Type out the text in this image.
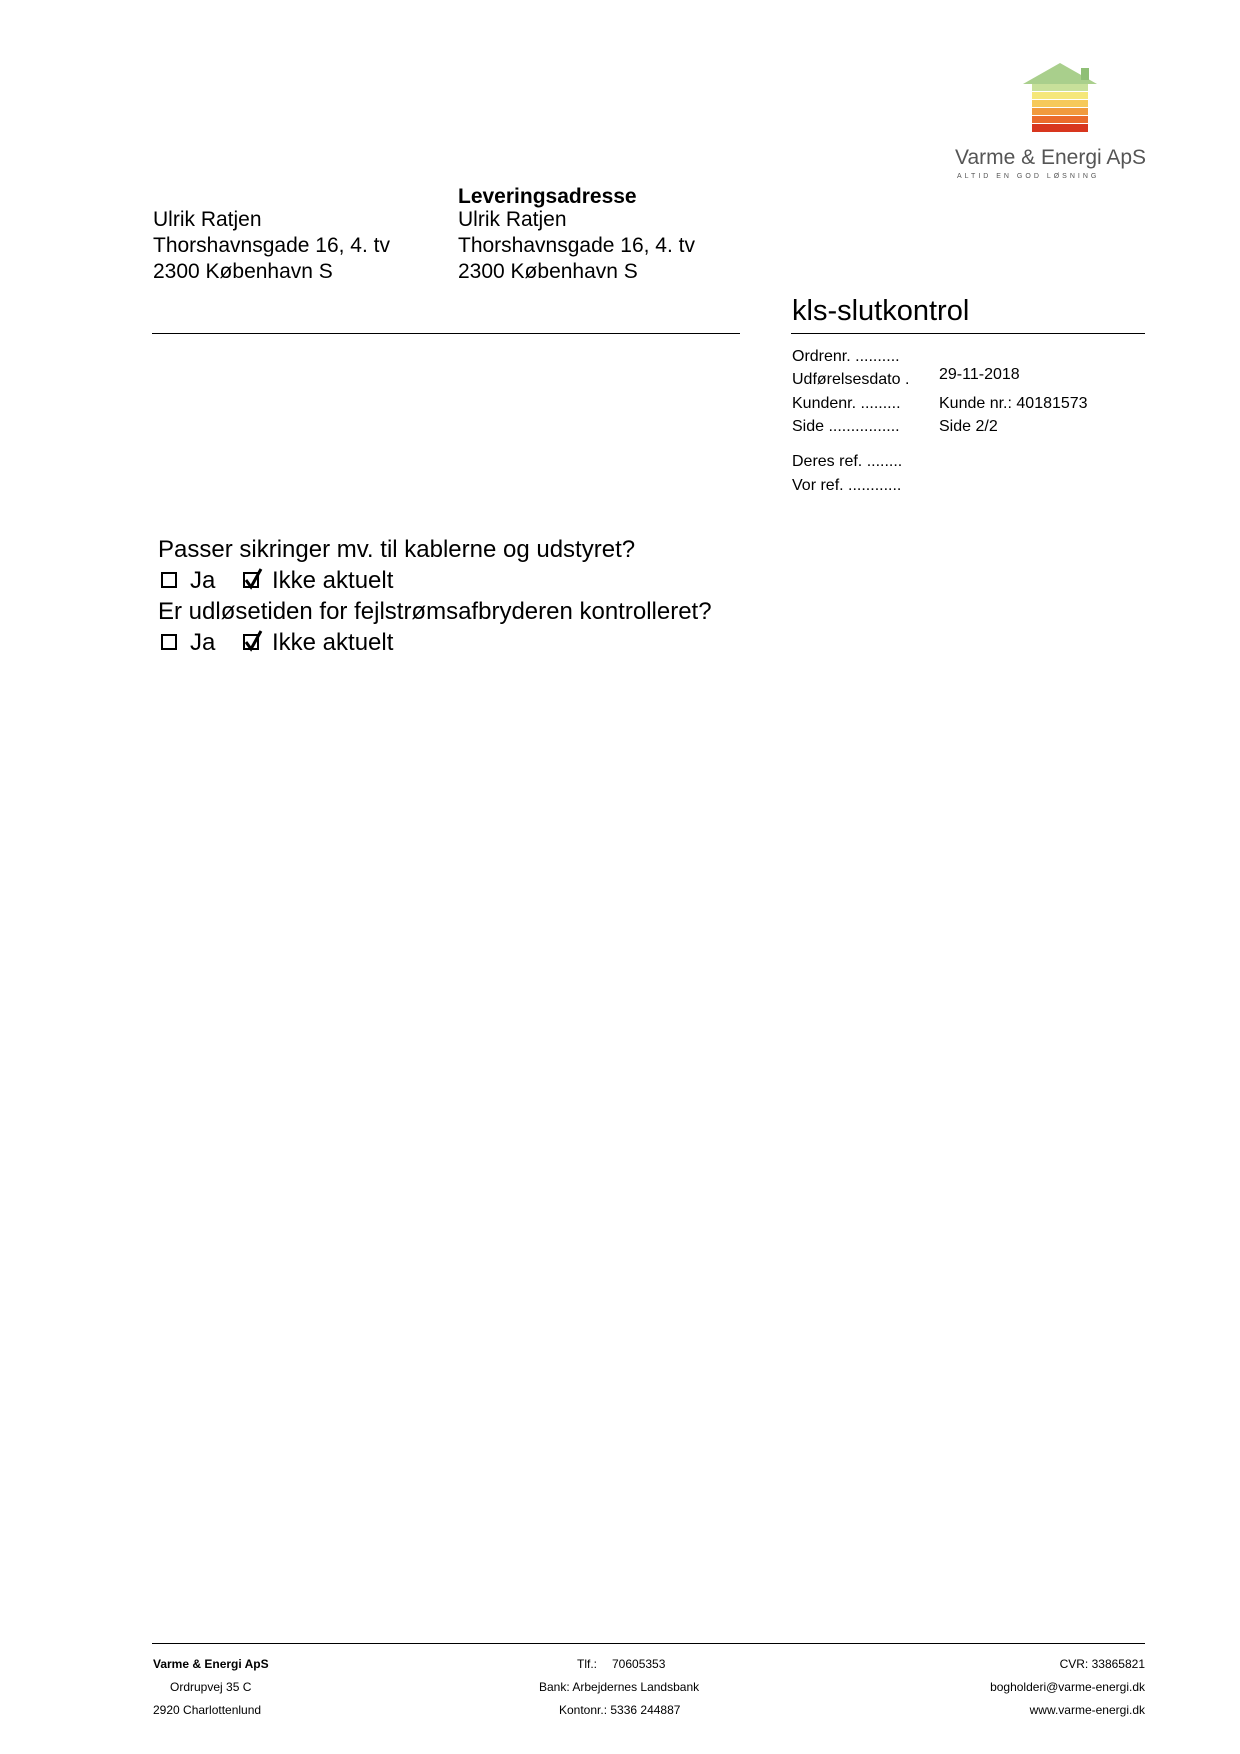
Varme & Energi ApS
ALTID EN GOD LØSNING
Ulrik Ratjen
Thorshavnsgade 16, 4. tv
2300 København S
Leveringsadresse
Ulrik Ratjen
Thorshavnsgade 16, 4. tv
2300 København S
kls-slutkontrol
Ordrenr. ..........
Udførelsesdato . 29-11-2018
Kundenr. ......... Kunde nr.: 40181573
Side ................ Side 2/2
Deres ref. ........
Vor ref. ............
Passer sikringer mv. til kablerne og udstyret?
Ja Ikke aktuelt
Er udløsetiden for fejlstrømsafbryderen kontrolleret?
Ja Ikke aktuelt
Varme & Energi ApS
Ordrupvej 35 C
2920 Charlottenlund
Tlf.: 70605353
Bank: Arbejdernes Landsbank
Kontonr.: 5336 244887
CVR: 33865821
bogholderi@varme-energi.dk
www.varme-energi.dk
